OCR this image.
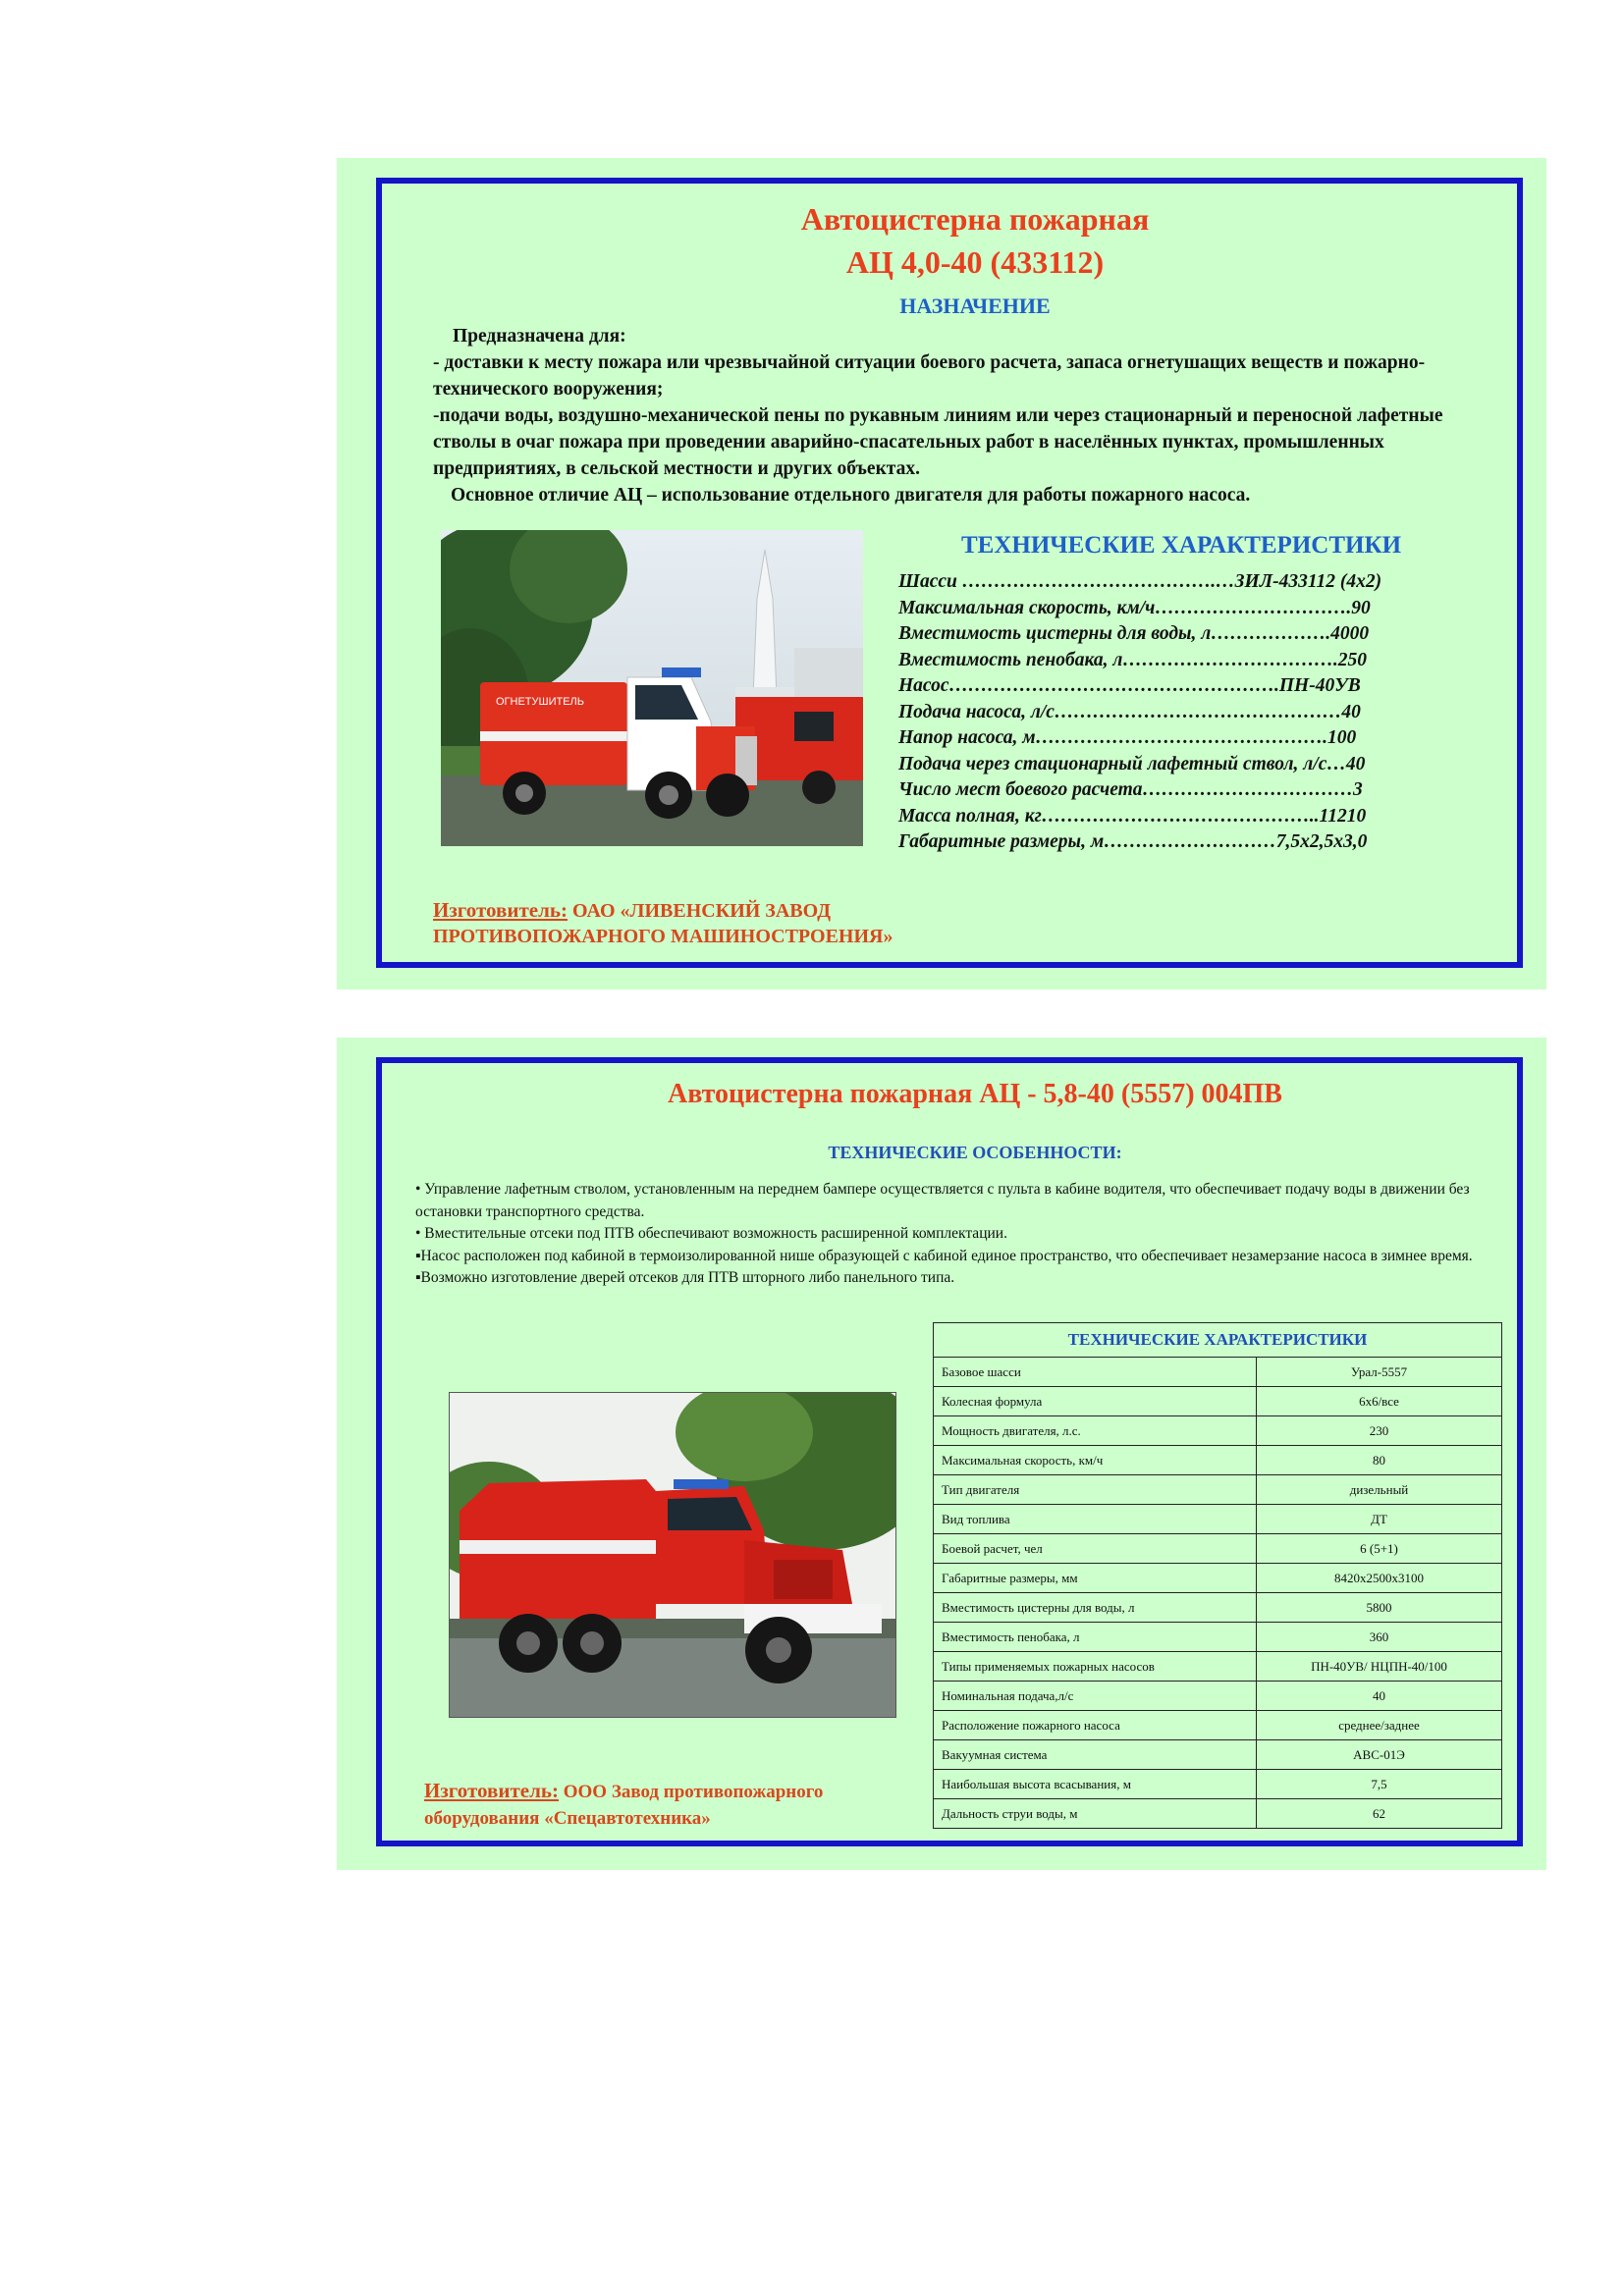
Автоцистерна пожарная
АЦ 4,0-40 (433112)
НАЗНАЧЕНИЕ
Предназначена для:
- доставки к месту пожара или чрезвычайной ситуации боевого расчета, запаса огнетушащих веществ и пожарно-технического вооружения;
-подачи воды, воздушно-механической пены по рукавным линиям или через стационарный и переносной лафетные стволы в очаг пожара при проведении аварийно-спасательных работ в населённых пунктах, промышленных предприятиях, в сельской местности и других объектах.
Основное отличие АЦ – использование отдельного двигателя для работы пожарного насоса.
ОГНЕТУШИТЕЛЬ
ТЕХНИЧЕСКИЕ ХАРАКТЕРИСТИКИ
Шасси ………………………………….…ЗИЛ-433112 (4х2)
Максимальная скорость, км/ч………………………….90
Вместимость цистерны для воды, л……………….4000
Вместимость пенобака, л…………………………….250
Насос…………………………………………….ПН-40УВ
Подача насоса, л/с………………………………………40
Напор насоса, м……………………………………….100
Подача через стационарный лафетный ствол, л/с…40
Число мест боевого расчета……………………………3
Масса полная, кг……………………………………..11210
Габаритные размеры, м………………………7,5х2,5х3,0
Изготовитель: ОАО «ЛИВЕНСКИЙ ЗАВОД
ПРОТИВОПОЖАРНОГО МАШИНОСТРОЕНИЯ»
Автоцистерна пожарная АЦ - 5,8-40 (5557) 004ПВ
ТЕХНИЧЕСКИЕ ОСОБЕННОСТИ:
• Управление лафетным стволом, установленным на переднем бампере осуществляется с пульта в кабине водителя, что обеспечивает подачу воды в движении без остановки транспортного средства.
• Вместительные отсеки под ПТВ обеспечивают возможность расширенной комплектации.
▪Насос расположен под кабиной в термоизолированной нише образующей с кабиной единое пространство, что обеспечивает незамерзание насоса в зимнее время.
▪Возможно изготовление дверей отсеков для ПТВ шторного либо панельного типа.
ТЕХНИЧЕСКИЕ ХАРАКТЕРИСТИКИ	
Базовое шасси	Урал-5557
Колесная формула	6х6/все
Мощность двигателя, л.с.	230
Максимальная скорость, км/ч	80
Тип двигателя	дизельный
Вид топлива	ДТ
Боевой расчет, чел	6 (5+1)
Габаритные размеры, мм	8420х2500х3100
Вместимость цистерны для воды, л	5800
Вместимость пенобака, л	360
Типы применяемых пожарных насосов	ПН-40УВ/ НЦПН-40/100
Номинальная подача,л/с	40
Расположение пожарного насоса	среднее/заднее
Вакуумная система	АВС-01Э
Наибольшая высота всасывания, м	7,5
Дальность струи воды, м	62
Изготовитель: ООО Завод противопожарного
оборудования «Спецавтотехника»
